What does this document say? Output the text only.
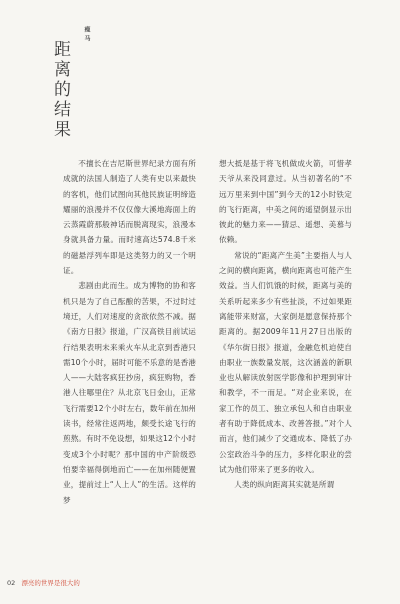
距离的结果
瘦马

不擅长在吉尼斯世界纪录方面有所成就的法国人制造了人类有史以来最快的客机，他们试图向其他民族证明缔造耀丽的浪漫并不仅仅像大溪地海面上的云蒸霞蔚那般神话而脱离现实，浪漫本身就具备力量。而时速高达574.8千米的磁悬浮列车即是这类努力的又一个明证。

悲剧由此而生。成为博物的协和客机只是为了自己酝酿的苦果，不过时过境迁，人们对速度的贪欲依然不减。据《南方日报》报道，广汉高铁目前试运行结果表明未来乘火车从北京到香港只需10个小时，届时可能不乐意的是香港人——大陆客疯狂抄房，疯狂购物，香港人往哪里住？从北京飞日金山，正常飞行需要12个小时左右，数年前在加州读书，经常往返两地，颇受长途飞行的煎熬。有时不免设想，如果这12个小时变成3个小时呢？那中国的中产阶级恐怕要幸福得倒地而亡——在加州随便置业，提前过上“人上人”的生活。这样的梦

想大抵是基于将飞机做成火箭，可惜孝天爷从来没同意过。从当初著名的“不远万里来到中国”到今天的12小时铁定的飞行距离，中美之间的遥望倒显示出彼此的魅力来——猜忌、遥想、美慕与依赖。

常说的“距离产生美”主要指人与人之间的横向距离，横向距离也可能产生效益。当人们饥饿的时候，距离与美的关系听起来多少有些扯淡，不过如果距离能带来财富，大家倒是愿意保持那个距离的。据2009年11月27日出版的《华尔街日报》报道，金融危机迫使自由职业一族数量发展，这次涵盖的新职业也从解读放射医学影像和护理到审计和教学，不一而足。“对企业来说，在家工作的员工、独立承包人和自由职业者有助于降低成本、改善答报。”对个人而言，他们减少了交通成本、降低了办公室政治斗争的压力，多样化职业的尝试为他们带来了更多的收入。

人类的纵向距离其实就是所谓

02 漂亮的世界是很大的
